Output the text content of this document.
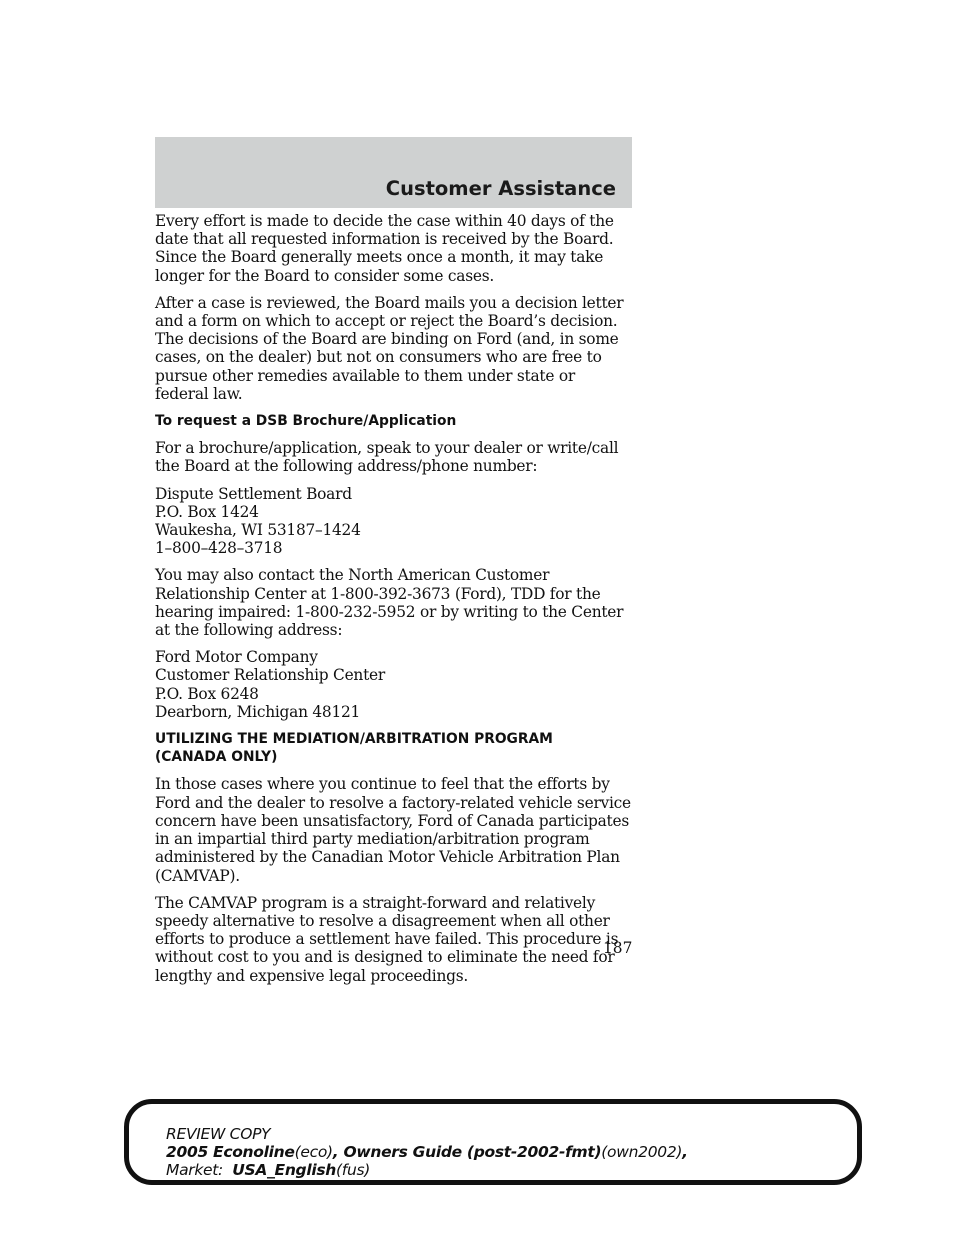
Customer Assistance

Every effort is made to decide the case within 40 days of the date that all requested information is received by the Board. Since the Board generally meets once a month, it may take longer for the Board to consider some cases.

After a case is reviewed, the Board mails you a decision letter and a form on which to accept or reject the Board’s decision. The decisions of the Board are binding on Ford (and, in some cases, on the dealer) but not on consumers who are free to pursue other remedies available to them under state or federal law.

To request a DSB Brochure/Application

For a brochure/application, speak to your dealer or write/call the Board at the following address/phone number:

Dispute Settlement Board
P.O. Box 1424
Waukesha, WI 53187–1424
1–800–428–3718

You may also contact the North American Customer Relationship Center at 1-800-392-3673 (Ford), TDD for the hearing impaired: 1-800-232-5952 or by writing to the Center at the following address:

Ford Motor Company
Customer Relationship Center
P.O. Box 6248
Dearborn, Michigan 48121

UTILIZING THE MEDIATION/ARBITRATION PROGRAM
(CANADA ONLY)

In those cases where you continue to feel that the efforts by Ford and the dealer to resolve a factory-related vehicle service concern have been unsatisfactory, Ford of Canada participates in an impartial third party mediation/arbitration program administered by the Canadian Motor Vehicle Arbitration Plan (CAMVAP).

The CAMVAP program is a straight-forward and relatively speedy alternative to resolve a disagreement when all other efforts to produce a settlement have failed. This procedure is without cost to you and is designed to eliminate the need for lengthy and expensive legal proceedings.

187
REVIEW COPY
2005 Econoline(eco), Owners Guide (post-2002-fmt)(own2002),
Market: USA_English(fus)
